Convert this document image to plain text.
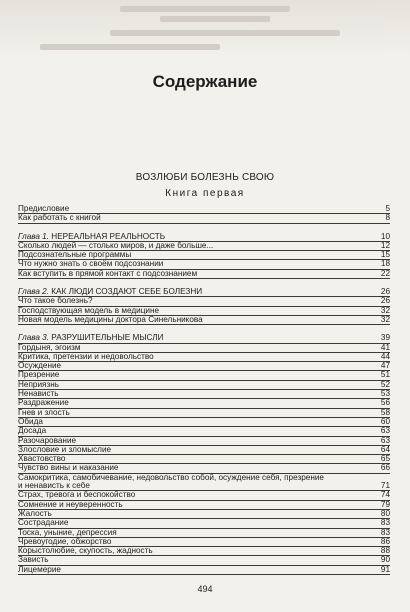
Содержание
ВОЗЛЮБИ БОЛЕЗНЬ СВОЮ
Книга первая
Предисловие	5
Как работать с книгой	8
Глава 1. НЕРЕАЛЬНАЯ РЕАЛЬНОСТЬ	10
Сколько людей — столько миров, и даже больше...	12
Подсознательные программы	15
Что нужно знать о своём подсознании	18
Как вступить в прямой контакт с подсознанием	22
Глава 2. КАК ЛЮДИ СОЗДАЮТ СЕБЕ БОЛЕЗНИ	26
Что такое болезнь?	26
Господствующая модель в медицине	32
Новая модель медицины доктора Синельникова	32
Глава 3. РАЗРУШИТЕЛЬНЫЕ МЫСЛИ	39
Гордыня, эгоизм	41
Критика, претензии и недовольство	44
Осуждение	47
Презрение	51
Неприязнь	52
Ненависть	53
Раздражение	56
Гнев и злость	58
Обида	60
Досада	63
Разочарование	63
Злословие и зломыслие	64
Хвастовство	65
Чувство вины и наказание	66
Самокритика, самобичевание, недовольство собой, осуждение себя, презрение
и ненависть к себе	71
Страх, тревога и беспокойство	74
Сомнение и неуверенность	79
Жалость	80
Сострадание	83
Тоска, уныние, депрессия	83
Чревоугодие, обжорство	86
Корыстолюбие, скупость, жадность	88
Зависть	90
Лицемерие	91
494
